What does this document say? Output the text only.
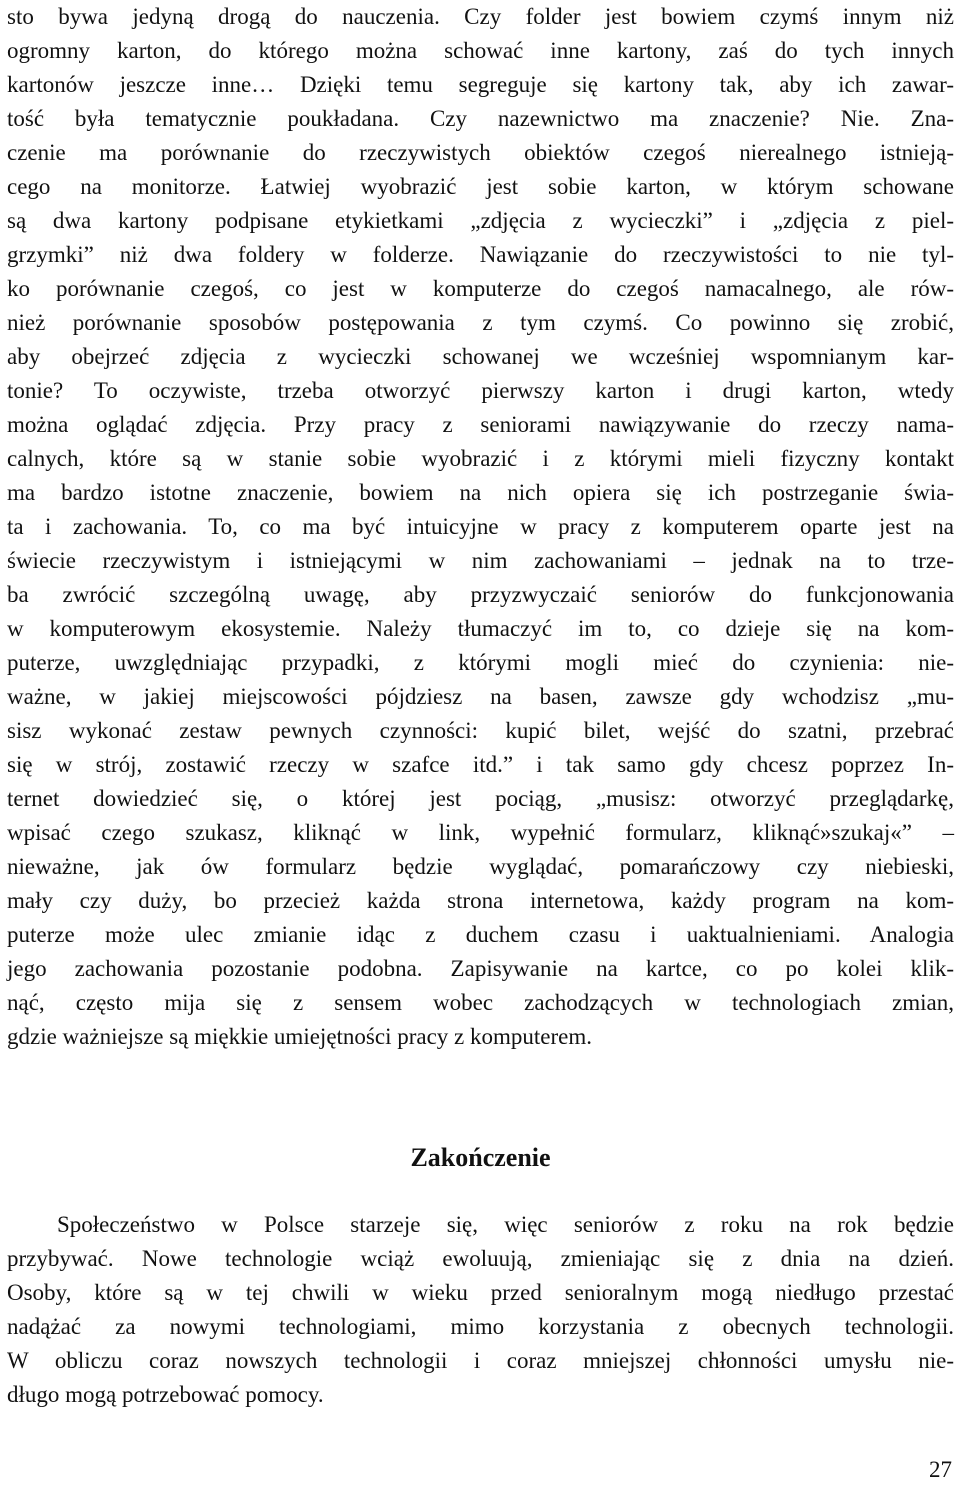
sto bywa jedyną drogą do nauczenia. Czy folder jest bowiem czymś innym niż
ogromny karton, do którego można schować inne kartony, zaś do tych innych
kartonów jeszcze inne… Dzięki temu segreguje się kartony tak, aby ich zawar-
tość była tematycznie poukładana. Czy nazewnictwo ma znaczenie? Nie. Zna-
czenie ma porównanie do rzeczywistych obiektów czegoś nierealnego istnieją-
cego na monitorze. Łatwiej wyobrazić jest sobie karton, w którym schowane
są dwa kartony podpisane etykietkami „zdjęcia z wycieczki” i „zdjęcia z piel-
grzymki” niż dwa foldery w folderze. Nawiązanie do rzeczywistości to nie tyl-
ko porównanie czegoś, co jest w komputerze do czegoś namacalnego, ale rów-
nież porównanie sposobów postępowania z tym czymś. Co powinno się zrobić,
aby obejrzeć zdjęcia z wycieczki schowanej we wcześniej wspomnianym kar-
tonie? To oczywiste, trzeba otworzyć pierwszy karton i drugi karton, wtedy
można oglądać zdjęcia. Przy pracy z seniorami nawiązywanie do rzeczy nama-
calnych, które są w stanie sobie wyobrazić i z którymi mieli fizyczny kontakt
ma bardzo istotne znaczenie, bowiem na nich opiera się ich postrzeganie świa-
ta i zachowania. To, co ma być intuicyjne w pracy z komputerem oparte jest na
świecie rzeczywistym i istniejącymi w nim zachowaniami – jednak na to trze-
ba zwrócić szczególną uwagę, aby przyzwyczaić seniorów do funkcjonowania
w komputerowym ekosystemie. Należy tłumaczyć im to, co dzieje się na kom-
puterze, uwzględniając przypadki, z którymi mogli mieć do czynienia: nie-
ważne, w jakiej miejscowości pójdziesz na basen, zawsze gdy wchodzisz „mu-
sisz wykonać zestaw pewnych czynności: kupić bilet, wejść do szatni, przebrać
się w strój, zostawić rzeczy w szafce itd.” i tak samo gdy chcesz poprzez In-
ternet dowiedzieć się, o której jest pociąg, „musisz: otworzyć przeglądarkę,
wpisać czego szukasz, kliknąć w link, wypełnić formularz, kliknąć»szukaj«” –
nieważne, jak ów formularz będzie wyglądać, pomarańczowy czy niebieski,
mały czy duży, bo przecież każda strona internetowa, każdy program na kom-
puterze może ulec zmianie idąc z duchem czasu i uaktualnieniami. Analogia
jego zachowania pozostanie podobna. Zapisywanie na kartce, co po kolei klik-
nąć, często mija się z sensem wobec zachodzących w technologiach zmian,
gdzie ważniejsze są miękkie umiejętności pracy z komputerem.
Zakończenie
Społeczeństwo w Polsce starzeje się, więc seniorów z roku na rok będzie
przybywać. Nowe technologie wciąż ewoluują, zmieniając się z dnia na dzień.
Osoby, które są w tej chwili w wieku przed senioralnym mogą niedługo przestać
nadążać za nowymi technologiami, mimo korzystania z obecnych technologii.
W obliczu coraz nowszych technologii i coraz mniejszej chłonności umysłu nie-
długo mogą potrzebować pomocy.
27
